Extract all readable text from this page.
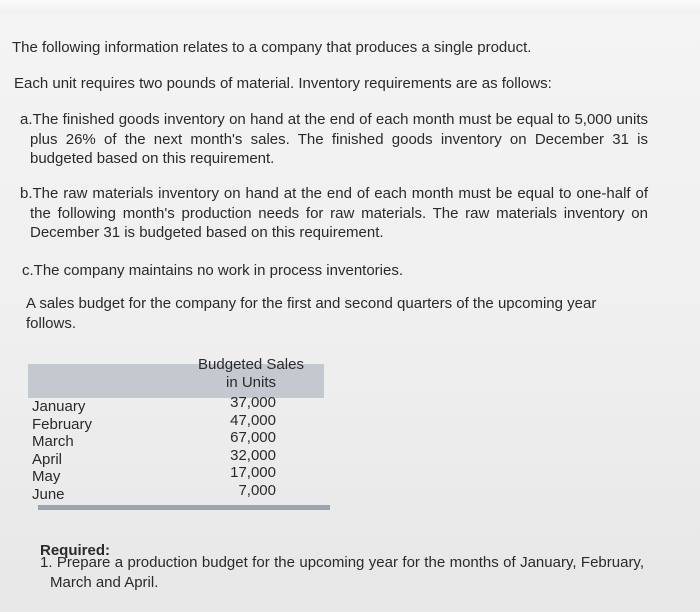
The following information relates to a company that produces a single product.

Each unit requires two pounds of material. Inventory requirements are as follows:

a.The finished goods inventory on hand at the end of each month must be equal to 5,000 units plus 26% of the next month's sales. The finished goods inventory on December 31 is budgeted based on this requirement.
b.The raw materials inventory on hand at the end of each month must be equal to one-half of the following month's production needs for raw materials. The raw materials inventory on December 31 is budgeted based on this requirement.
c.The company maintains no work in process inventories.

A sales budget for the company for the first and second quarters of the upcoming year follows.

Budgeted Sales
in Units
January
February
March
April
May
June
37,000
47,000
67,000
32,000
17,000
7,000
Required:
1. Prepare a production budget for the upcoming year for the months of January, February, March and April.
